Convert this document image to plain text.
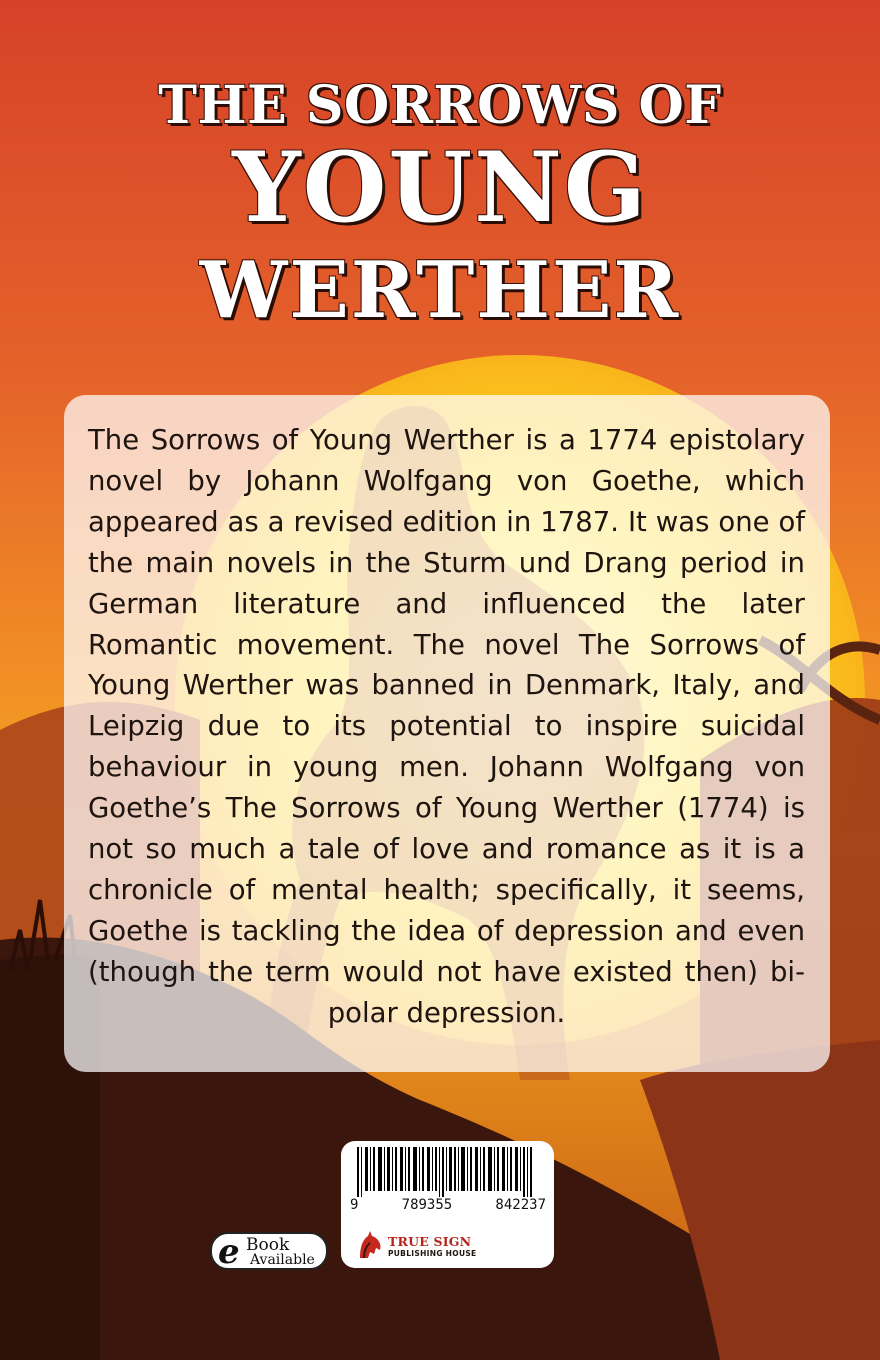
THE SORROWS OF
YOUNG
WERTHER

The Sorrows of Young Werther is a 1774 epistolary novel by Johann Wolfgang von Goethe, which appeared as a revised edition in 1787. It was one of the main novels in the Sturm und Drang period in German literature and influenced the later Romantic movement. The novel The Sorrows of Young Werther was banned in Denmark, Italy, and Leipzig due to its potential to inspire suicidal behaviour in young men. Johann Wolfgang von Goethe’s The Sorrows of Young Werther (1774) is not so much a tale of love and romance as it is a chronicle of mental health; specifically, it seems, Goethe is tackling the idea of depression and even (though the term would not have existed then) bi-polar depression.

9	789355	842237
TRUE SIGN
PUBLISHING HOUSE
e Book
Available
